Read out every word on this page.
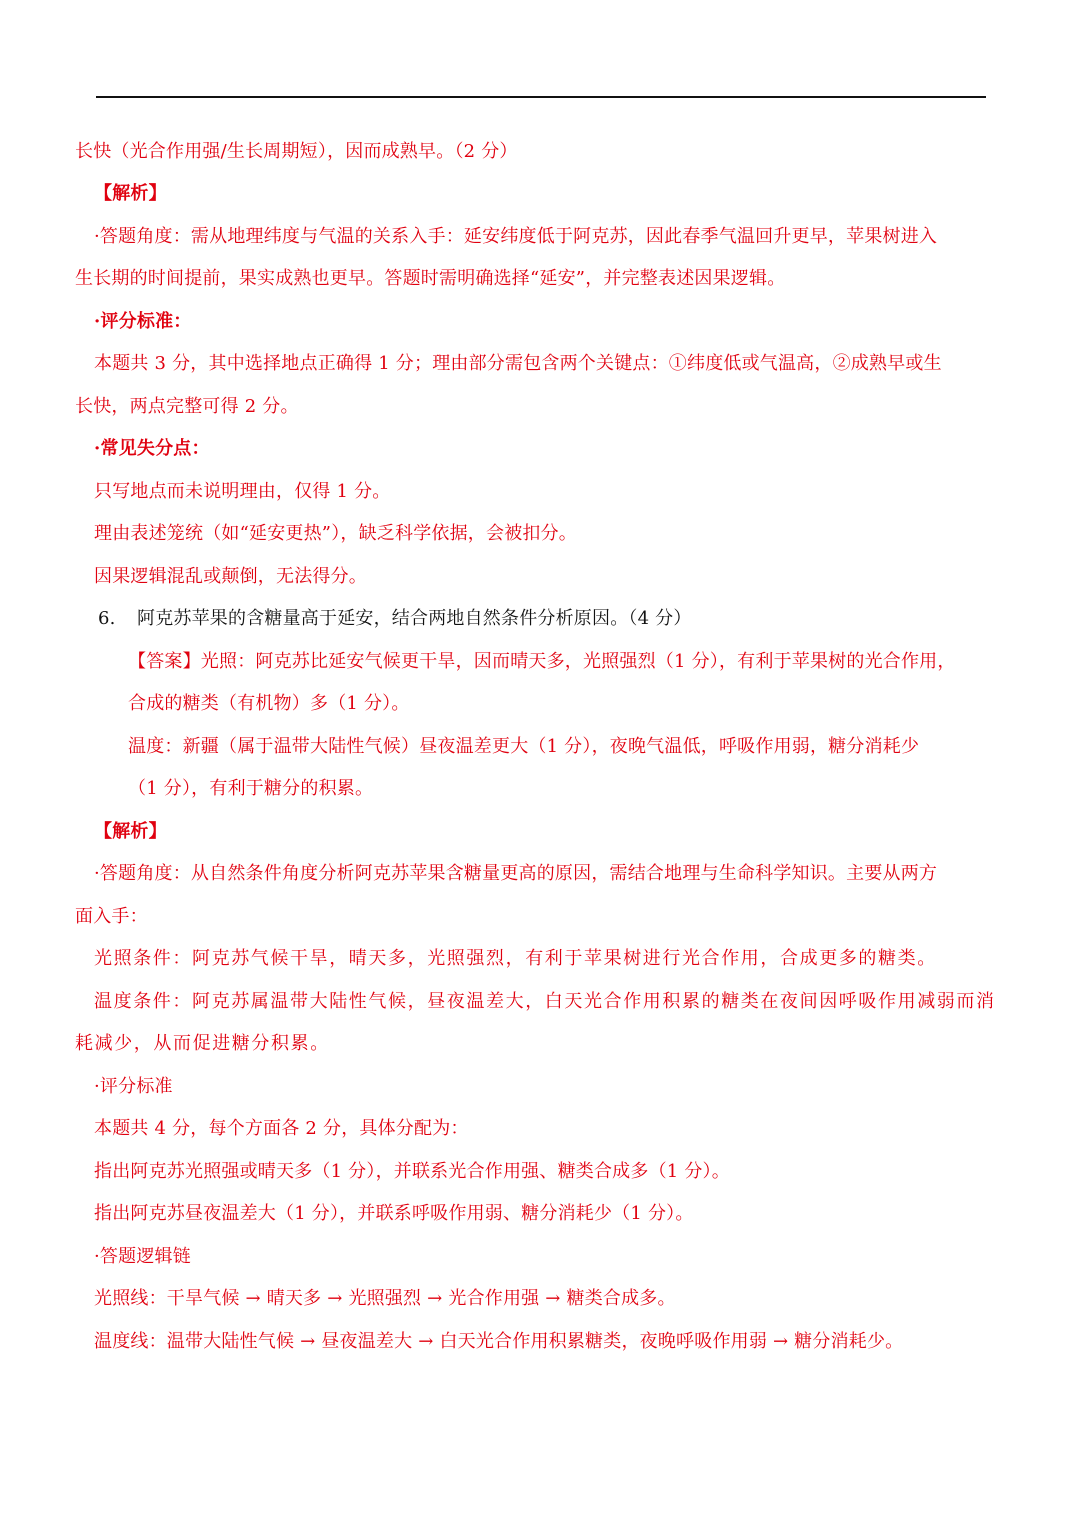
长快（光合作用强/生长周期短），因而成熟早。（2 分）
【解析】
·答题角度：需从地理纬度与气温的关系入手：延安纬度低于阿克苏，因此春季气温回升更早，苹果树进入
生长期的时间提前，果实成熟也更早。答题时需明确选择“延安”，并完整表述因果逻辑。
·评分标准：
本题共 3 分，其中选择地点正确得 1 分；理由部分需包含两个关键点：①纬度低或气温高，②成熟早或生
长快，两点完整可得 2 分。
·常见失分点：
只写地点而未说明理由，仅得 1 分。
理由表述笼统（如“延安更热”），缺乏科学依据，会被扣分。
因果逻辑混乱或颠倒，无法得分。
6. 阿克苏苹果的含糖量高于延安，结合两地自然条件分析原因。（4 分）
【答案】光照：阿克苏比延安气候更干旱，因而晴天多，光照强烈（1 分），有利于苹果树的光合作用，
合成的糖类（有机物）多（1 分）。
温度：新疆（属于温带大陆性气候）昼夜温差更大（1 分），夜晚气温低，呼吸作用弱，糖分消耗少
（1 分），有利于糖分的积累。
【解析】
·答题角度：从自然条件角度分析阿克苏苹果含糖量更高的原因，需结合地理与生命科学知识。主要从两方
面入手：
光照条件：阿克苏气候干旱，晴天多，光照强烈，有利于苹果树进行光合作用，合成更多的糖类。
温度条件：阿克苏属温带大陆性气候，昼夜温差大，白天光合作用积累的糖类在夜间因呼吸作用减弱而消
耗减少，从而促进糖分积累。
·评分标准
本题共 4 分，每个方面各 2 分，具体分配为：
指出阿克苏光照强或晴天多（1 分），并联系光合作用强、糖类合成多（1 分）。
指出阿克苏昼夜温差大（1 分），并联系呼吸作用弱、糖分消耗少（1 分）。
·答题逻辑链
光照线：干旱气候 → 晴天多 → 光照强烈 → 光合作用强 → 糖类合成多。
温度线：温带大陆性气候 → 昼夜温差大 → 白天光合作用积累糖类，夜晚呼吸作用弱 → 糖分消耗少。
